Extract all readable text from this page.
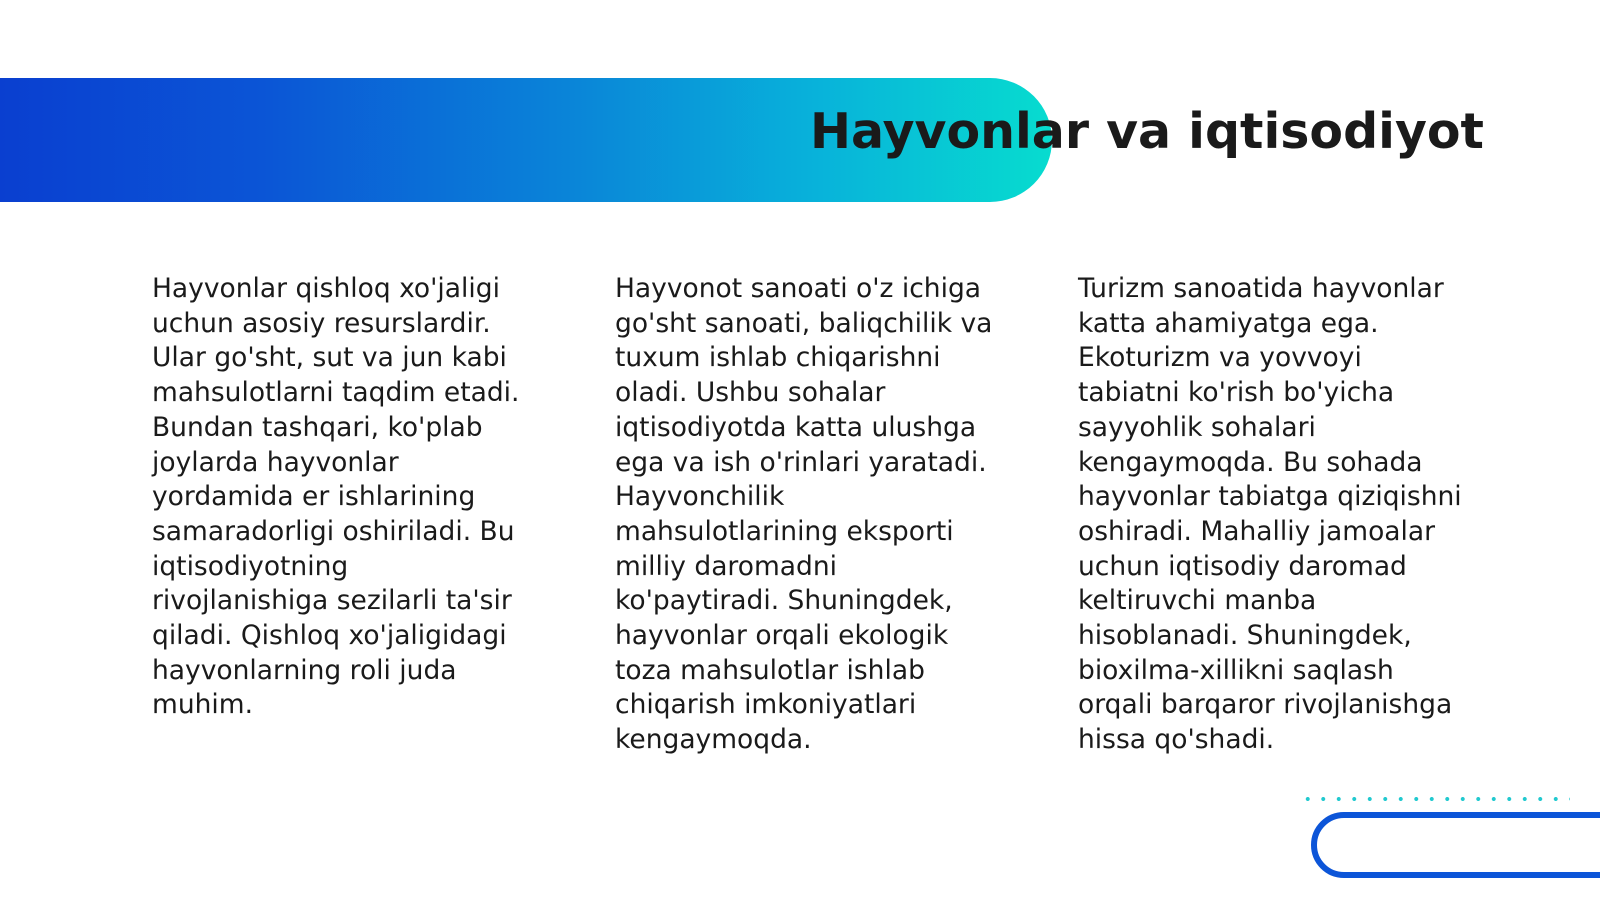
Hayvonlar va iqtisodiyot

Hayvonlar qishloq xo'jaligi uchun asosiy resurslardir. Ular go'sht, sut va jun kabi mahsulotlarni taqdim etadi. Bundan tashqari, ko'plab joylarda hayvonlar yordamida er ishlarining samaradorligi oshiriladi. Bu iqtisodiyotning rivojlanishiga sezilarli ta'sir qiladi. Qishloq xo'jaligidagi hayvonlarning roli juda muhim.

Hayvonot sanoati o'z ichiga go'sht sanoati, baliqchilik va tuxum ishlab chiqarishni oladi. Ushbu sohalar iqtisodiyotda katta ulushga ega va ish o'rinlari yaratadi. Hayvonchilik mahsulotlarining eksporti milliy daromadni ko'paytiradi. Shuningdek, hayvonlar orqali ekologik toza mahsulotlar ishlab chiqarish imkoniyatlari kengaymoqda.

Turizm sanoatida hayvonlar katta ahamiyatga ega. Ekoturizm va yovvoyi tabiatni ko'rish bo'yicha sayyohlik sohalari kengaymoqda. Bu sohada hayvonlar tabiatga qiziqishni oshiradi. Mahalliy jamoalar uchun iqtisodiy daromad keltiruvchi manba hisoblanadi. Shuningdek, bioxilma-xillikni saqlash orqali barqaror rivojlanishga hissa qo'shadi.
